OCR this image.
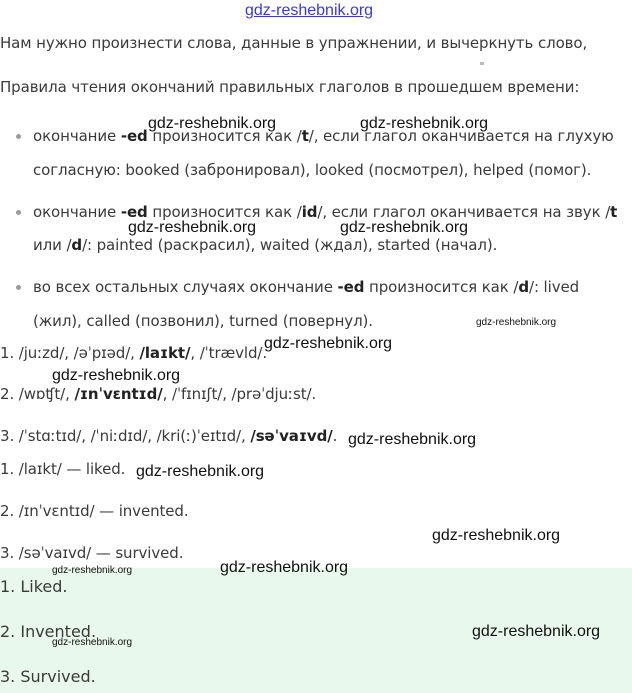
gdz-reshebnik.org
Нам нужно произнести слова, данные в упражнении, и вычеркнуть слово,
Правила чтения окончаний правильных глаголов в прошедшем времени:
окончание -ed произносится как /t/, если глагол оканчивается на глухую
согласную: booked (забронировал), looked (посмотрел), helped (помог).
окончание -ed произносится как /id/, если глагол оканчивается на звук /t
или /d/: painted (раскрасил), waited (ждал), started (начал).
во всех остальных случаях окончание -ed произносится как /d/: lived
(жил), called (позвонил), turned (повернул).
1. /juːzd/, /əˈpɪəd/, /laɪkt/, /ˈtrævld/.
2. /wɒʧt/, /ɪnˈvɛntɪd/, /ˈfɪnɪʃt/, /prəˈdjuːst/.
3. /ˈstɑːtɪd/, /ˈniːdɪd/, /kri(ː)ˈeɪtɪd/, /səˈvaɪvd/.
1. /laɪkt/ — liked.
2. /ɪnˈvɛntɪd/ — invented.
3. /səˈvaɪvd/ — survived.
1. Liked.
2. Invented.
3. Survived.
gdz-reshebnik.org	gdz-reshebnik.org
gdz-reshebnik.org	gdz-reshebnik.org
gdz-reshebnik.org
gdz-reshebnik.org
gdz-reshebnik.org
gdz-reshebnik.org
gdz-reshebnik.org
gdz-reshebnik.org
gdz-reshebnik.org	gdz-reshebnik.org
gdz-reshebnik.org
gdz-reshebnik.org
